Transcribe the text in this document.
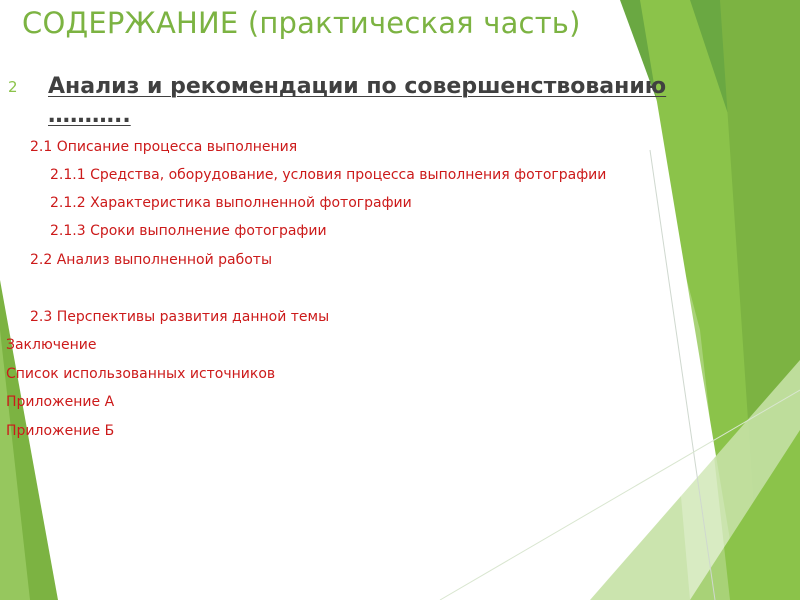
СОДЕРЖАНИЕ (практическая часть)
2 Анализ и рекомендации по совершенствованию
………..
2.1 Описание процесса выполнения
2.1.1 Средства, оборудование, условия процесса выполнения фотографии
2.1.2 Характеристика выполненной фотографии
2.1.3 Сроки выполнение фотографии
2.2 Анализ выполненной работы
2.3 Перспективы развития данной темы
Заключение
Список использованных источников
Приложение А
Приложение Б
